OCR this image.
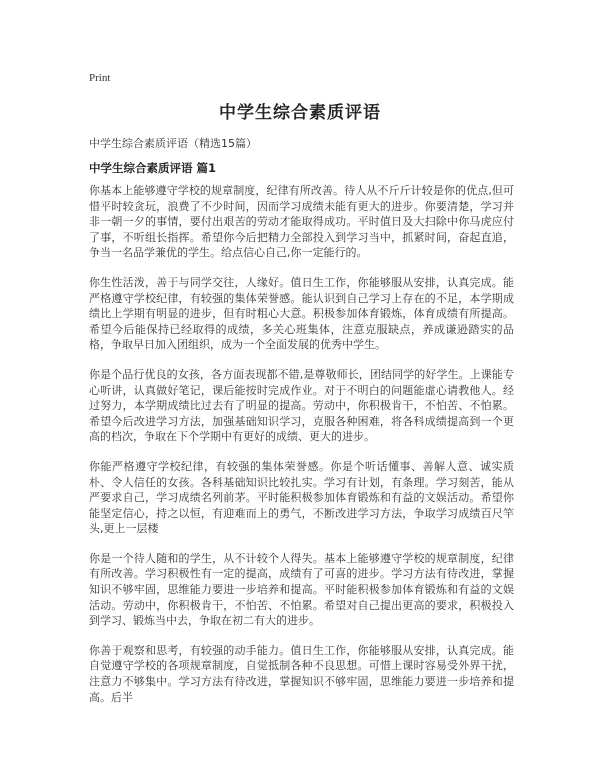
Print
中学生综合素质评语

中学生综合素质评语（精选15篇）

中学生综合素质评语 篇1

你基本上能够遵守学校的规章制度，纪律有所改善。待人从不斤斤计较是你的优点,但可惜平时较贪玩，浪费了不少时间，因而学习成绩未能有更大的进步。你要清楚，学习并非一朝一夕的事情，要付出艰苦的劳动才能取得成功。平时值日及大扫除中你马虎应付了事，不听组长指挥。希望你今后把精力全部投入到学习当中，抓紧时间，奋起直追，争当一名品学兼优的学生。给点信心自己,你一定能行的。

你生性活泼，善于与同学交往，人缘好。值日生工作，你能够服从安排，认真完成。能严格遵守学校纪律，有较强的集体荣誉感。能认识到自己学习上存在的不足，本学期成绩比上学期有明显的进步，但有时粗心大意。积极参加体育锻炼，体育成绩有所提高。希望今后能保持已经取得的成绩，多关心班集体，注意克服缺点，养成谦逊踏实的品格，争取早日加入团组织，成为一个全面发展的优秀中学生。

你是个品行优良的女孩，各方面表现都不错,是尊敬师长，团结同学的好学生。上课能专心听讲，认真做好笔记，课后能按时完成作业。对于不明白的问题能虚心请教他人。经过努力，本学期成绩比过去有了明显的提高。劳动中，你积极肯干，不怕苦、不怕累。希望今后改进学习方法，加强基础知识学习，克服各种困难，将各科成绩提高到一个更高的档次，争取在下个学期中有更好的成绩、更大的进步。

你能严格遵守学校纪律，有较强的集体荣誉感。你是个听话懂事、善解人意、诚实质朴、令人信任的女孩。各科基础知识比较扎实。学习有计划，有条理。学习刻苦，能从严要求自己，学习成绩名列前茅。平时能积极参加体育锻炼和有益的文娱活动。希望你能坚定信心，持之以恒，有迎难而上的勇气，不断改进学习方法，争取学习成绩百尺竿头,更上一层楼

你是一个待人随和的学生，从不计较个人得失。基本上能够遵守学校的规章制度，纪律有所改善。学习积极性有一定的提高，成绩有了可喜的进步。学习方法有待改进，掌握知识不够牢固，思维能力要进一步培养和提高。平时能积极参加体育锻炼和有益的文娱活动。劳动中，你积极肯干，不怕苦、不怕累。希望对自己提出更高的要求，积极投入到学习、锻炼当中去，争取在初二有大的进步。

你善于观察和思考，有较强的动手能力。值日生工作，你能够服从安排，认真完成。能自觉遵守学校的各项规章制度，自觉抵制各种不良思想。可惜上课时容易受外界干扰，注意力不够集中。学习方法有待改进，掌握知识不够牢固，思维能力要进一步培养和提高。后半
